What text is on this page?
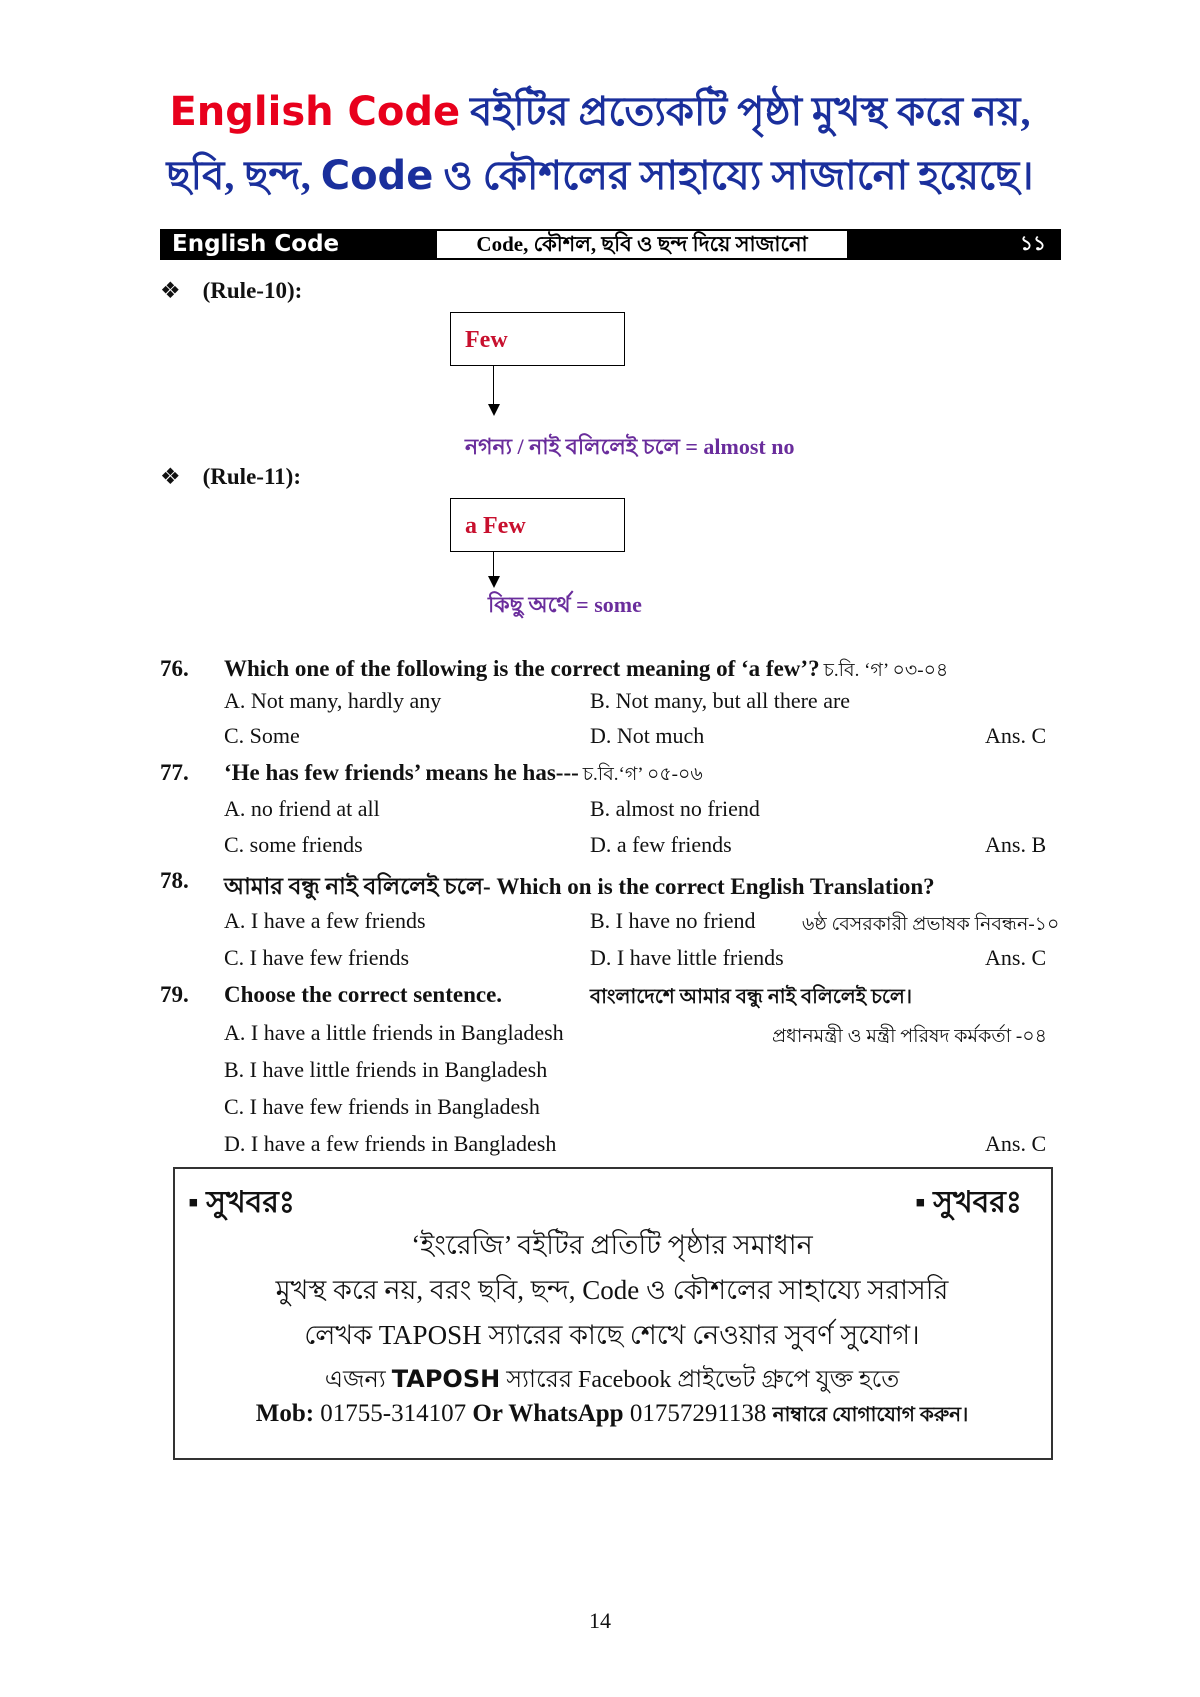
English Code বইটির প্রত্যেকটি পৃষ্ঠা মুখস্থ করে নয়,
ছবি, ছন্দ, Code ও কৌশলের সাহায্যে সাজানো হয়েছে।
English Code	Code, কৌশল, ছবি ও ছন্দ দিয়ে সাজানো	১১
❖ (Rule-10):
Few
নগন্য / নাই বলিলেই চলে = almost no
❖ (Rule-11):
a Few
কিছু অর্থে = some
76. Which one of the following is the correct meaning of ‘a few’? চ.বি. ‘গ’ ০৩-০৪
A. Not many, hardly any	B. Not many, but all there are
C. Some	D. Not much	Ans. C
77. ‘He has few friends’ means he has--- চ.বি.‘গ’ ০৫-০৬
A. no friend at all	B. almost no friend
C. some friends	D. a few friends	Ans. B
78. আমার বন্ধু নাই বলিলেই চলে- Which on is the correct English Translation?
A. I have a few friends	B. I have no friend ৬ষ্ঠ বেসরকারী প্রভাষক নিবন্ধন-১০
C. I have few friends	D. I have little friends	Ans. C
79. Choose the correct sentence.	বাংলাদেশে আমার বন্ধু নাই বলিলেই চলে।
A. I have a little friends in Bangladesh	প্রধানমন্ত্রী ও মন্ত্রী পরিষদ কর্মকর্তা -০৪
B. I have little friends in Bangladesh
C. I have few friends in Bangladesh
D. I have a few friends in Bangladesh	Ans. C
▪ সুখবরঃ	▪ সুখবরঃ
‘ইংরেজি’ বইটির প্রতিটি পৃষ্ঠার সমাধান
মুখস্থ করে নয়, বরং ছবি, ছন্দ, Code ও কৌশলের সাহায্যে সরাসরি
লেখক TAPOSH স্যারের কাছে শেখে নেওয়ার সুবর্ণ সুযোগ।
এজন্য TAPOSH স্যারের Facebook প্রাইভেট গ্রুপে যুক্ত হতে
Mob: 01755-314107 Or WhatsApp 01757291138 নাম্বারে যোগাযোগ করুন।
14
